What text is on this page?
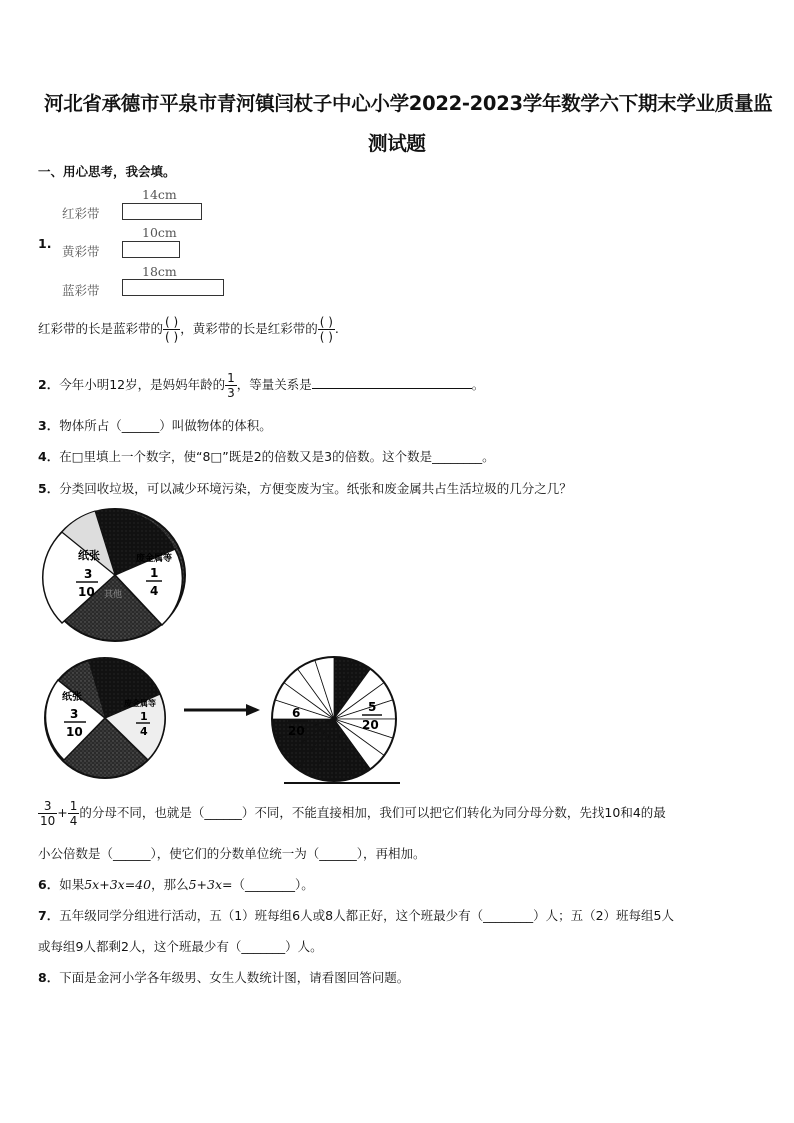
河北省承德市平泉市青河镇闫杖子中心小学2022-2023学年数学六下期末学业质量监
测试题
一、用心思考，我会填。
1.
14cm
红彩带
10cm
黄彩带
18cm
蓝彩带
红彩带的长是蓝彩带的 $\frac{( )}{( )}$ ，黄彩带的长是红彩带的 $\frac{( )}{( )}$ .
2．今年小明12岁，是妈妈年龄的 $\frac{1}{3}$ ，等量关系是	。
3．物体所占（______）叫做物体的体积。
4．在□里填上一个数字，使“8□”既是2的倍数又是3的倍数。这个数是________。
5．分类回收垃圾，可以减少环境污染，方便变废为宝。纸张和废金属共占生活垃圾的几分之几？
纸张
3
10
废金属等
1
4
其他
纸张
3
10
废金属等
1
4
6
20
5
20
$\frac{3}{10} + \frac{1}{4}$ 的分母不同，也就是（______）不同，不能直接相加，我们可以把它们转化为同分母分数，先找10和4的最
小公倍数是（______），使它们的分数单位统一为（______），再相加。
6．如果5x+3x=40，那么5+3x=（________）。
7．五年级同学分组进行活动，五（1）班每组6人或8人都正好，这个班最少有（________）人；五（2）班每组5人
或每组9人都剩2人，这个班最少有（_______）人。
8．下面是金河小学各年级男、女生人数统计图，请看图回答问题。
